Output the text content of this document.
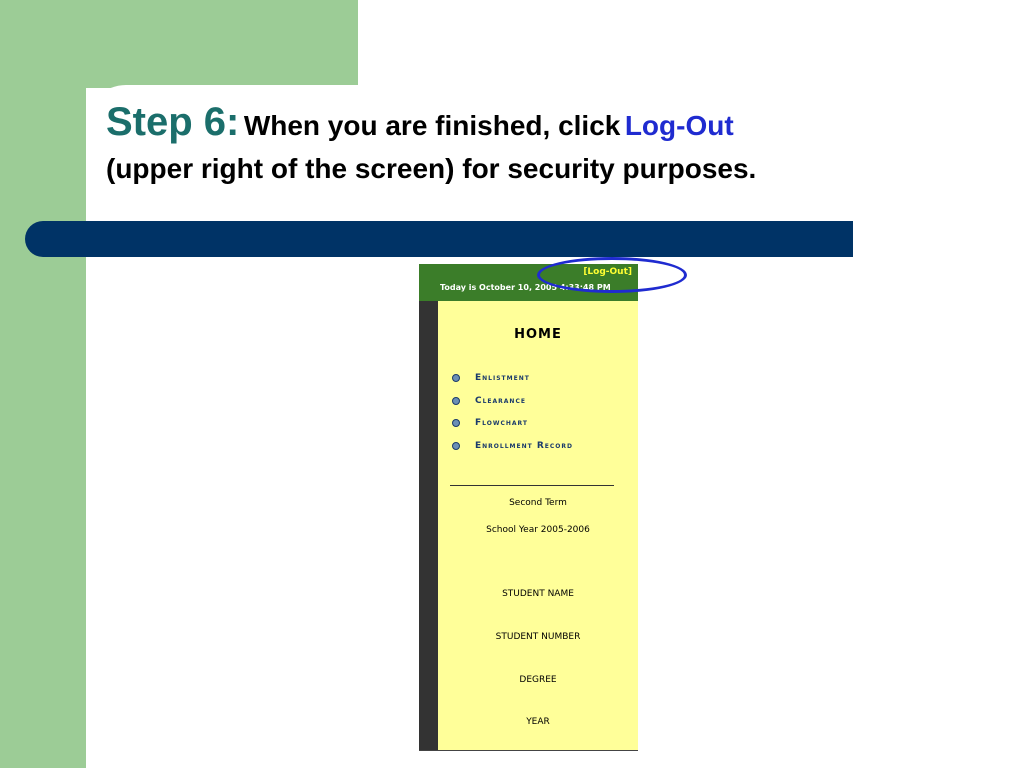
Step 6: When you are finished, click Log-Out
(upper right of the screen) for security purposes.
[Log-Out]
Today is October 10, 2005 4:33:48 PM
HOME
Enlistment
Clearance
Flowchart
Enrollment Record
Second Term
School Year 2005-2006
STUDENT NAME
STUDENT NUMBER
DEGREE
YEAR
